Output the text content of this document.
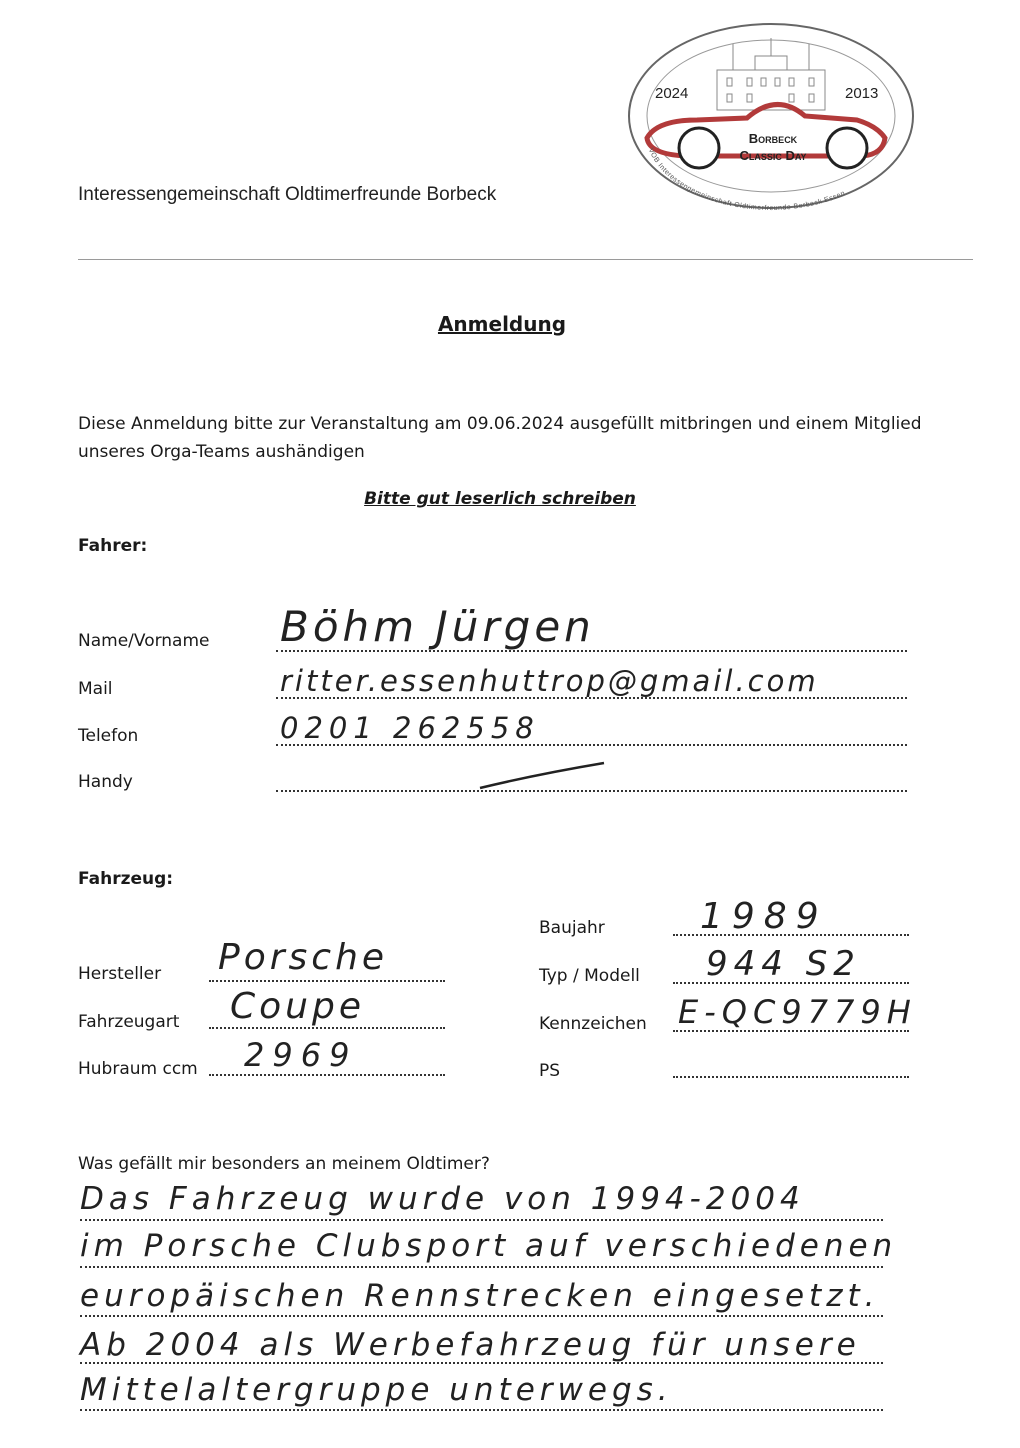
Interessengemeinschaft Oldtimerfreunde Borbeck
2024	2013
Borbeck
Classic Day
VOB Interessengemeinschaft Oldtimerfreunde Borbeck Essen
Anmeldung
Diese Anmeldung bitte zur Veranstaltung am 09.06.2024 ausgefüllt mitbringen und einem Mitglied
unseres Orga-Teams aushändigen
Bitte gut leserlich schreiben
Fahrer:
Name/Vorname Böhm Jürgen
Mail	ritter.essenhuttrop@gmail.com
Telefon	0201 262558
Handy
Fahrzeug:
Hersteller Porsche
Fahrzeugart Coupe
Hubraum ccm 2969
Baujahr	1989
Typ / Modell 944 S2
Kennzeichen E-QC9779H
PS
Was gefällt mir besonders an meinem Oldtimer?
Das Fahrzeug wurde von 1994-2004
im Porsche Clubsport auf verschiedenen
europäischen Rennstrecken eingesetzt.
Ab 2004 als Werbefahrzeug für unsere
Mittelaltergruppe unterwegs.
